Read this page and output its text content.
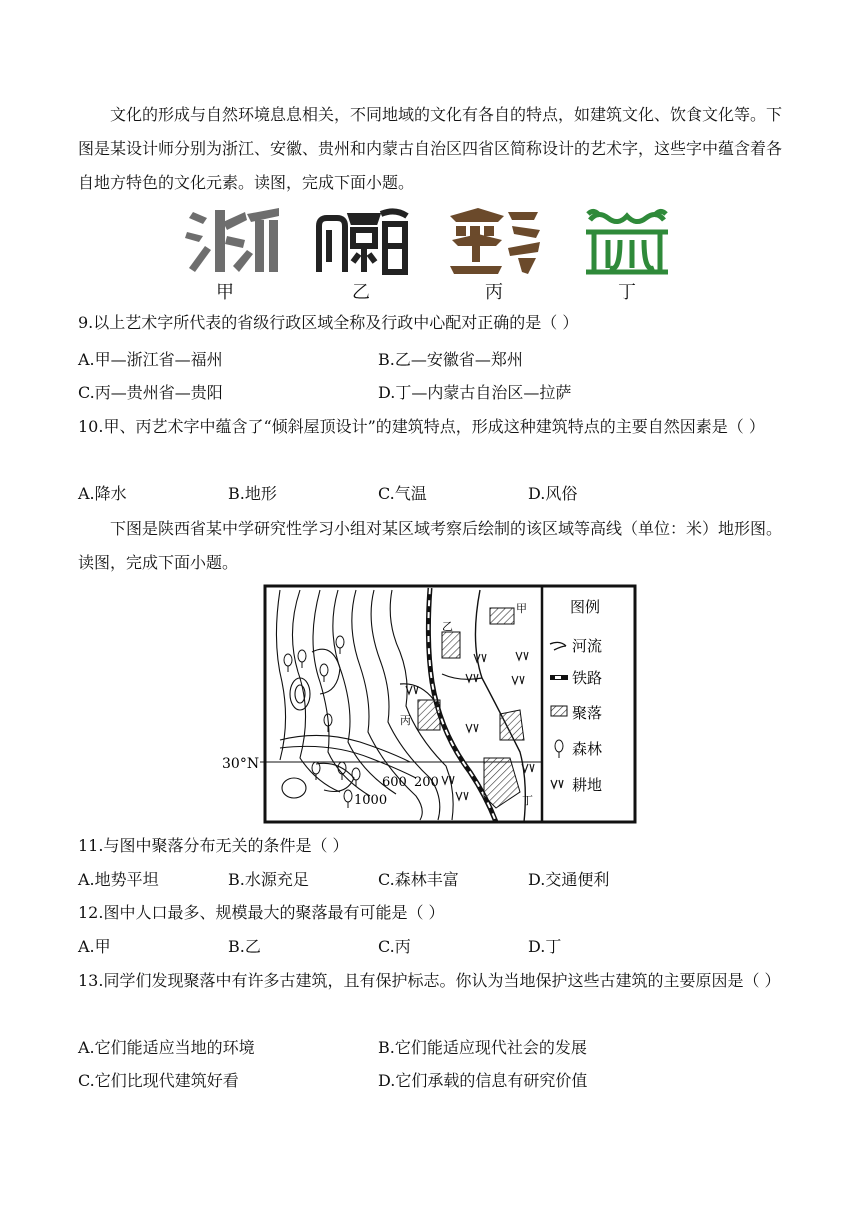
文化的形成与自然环境息息相关，不同地域的文化有各自的特点，如建筑文化、饮食文化等。下图是某设计师分别为浙江、安徽、贵州和内蒙古自治区四省区简称设计的艺术字，这些字中蕴含着各自地方特色的文化元素。读图，完成下面小题。

甲	乙	丙	丁

9.以上艺术字所代表的省级行政区域全称及行政中心配对正确的是（ ）

A.甲—浙江省—福州	B.乙—安徽省—郑州
C.丙—贵州省—贵阳	D.丁—内蒙古自治区—拉萨

10.甲、丙艺术字中蕴含了“倾斜屋顶设计”的建筑特点，形成这种建筑特点的主要自然因素是（ ）

A.降水	B.地形	C.气温	D.风俗

下图是陕西省某中学研究性学习小组对某区域考察后绘制的该区域等高线（单位：米）地形图。读图，完成下面小题。

甲
乙
丙
丁
600 200
1000
30°N
图例
河流
铁路
聚落
森林
耕地

11.与图中聚落分布无关的条件是（ ）

A.地势平坦	B.水源充足	C.森林丰富	D.交通便利

12.图中人口最多、规模最大的聚落最有可能是（ ）

A.甲	B.乙	C.丙	D.丁

13.同学们发现聚落中有许多古建筑，且有保护标志。你认为当地保护这些古建筑的主要原因是（ ）

A.它们能适应当地的环境	B.它们能适应现代社会的发展
C.它们比现代建筑好看	D.它们承载的信息有研究价值
